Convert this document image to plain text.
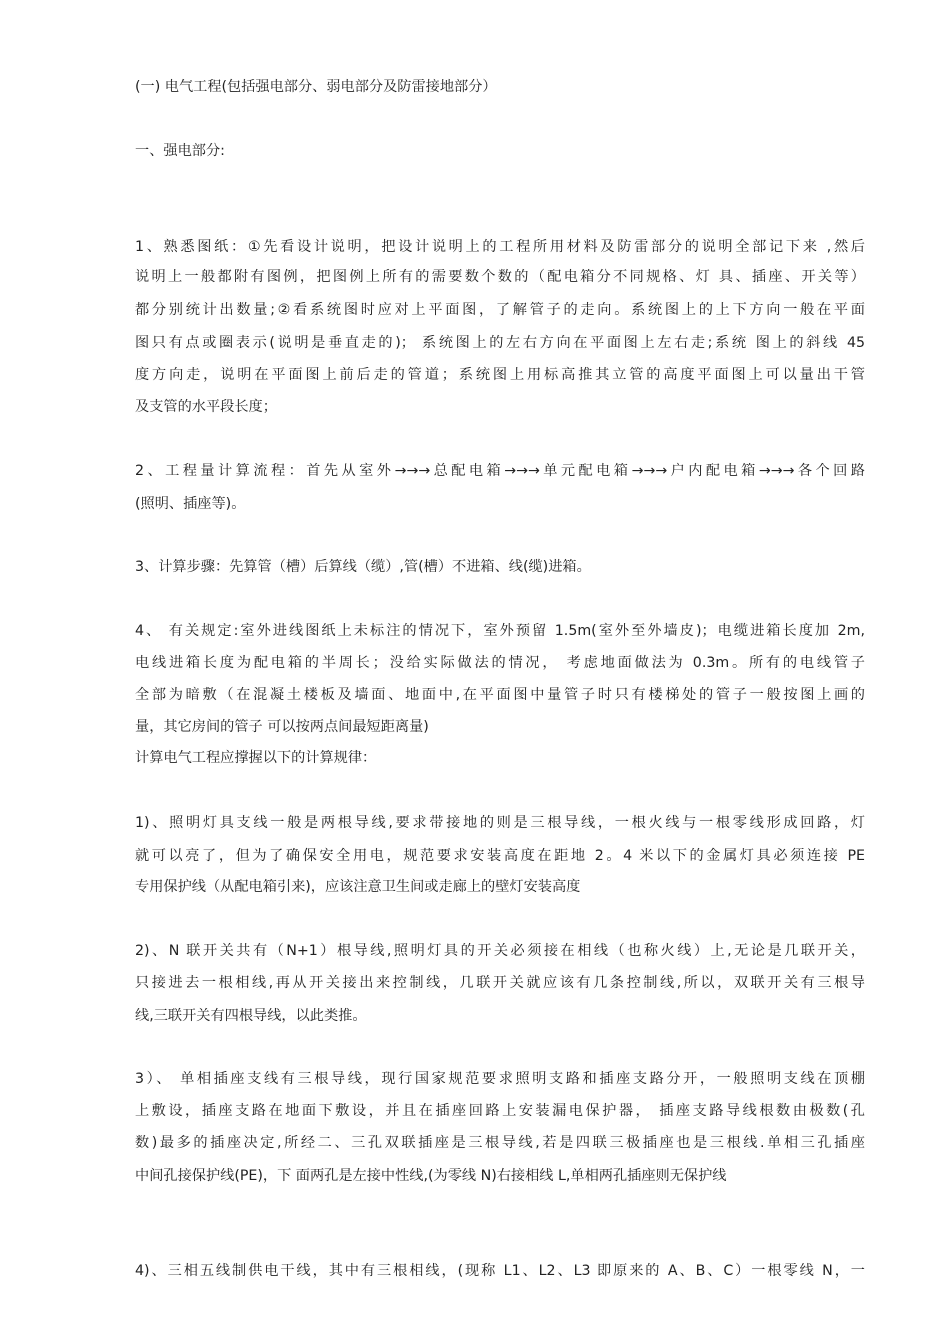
(一) 电气工程(包括强电部分、弱电部分及防雷接地部分）
一、强电部分:
1、熟悉图纸：①先看设计说明，把设计说明上的工程所用材料及防雷部分的说明全部记下来 ,然后
说明上一般都附有图例，把图例上所有的需要数个数的（配电箱分不同规格、灯 具、插座、开关等）
都分别统计出数量;②看系统图时应对上平面图，了解管子的走向。系统图上的上下方向一般在平面
图只有点或圈表示(说明是垂直走的)； 系统图上的左右方向在平面图上左右走;系统 图上的斜线 45
度方向走，说明在平面图上前后走的管道；系统图上用标高推其立管的高度平面图上可以量出干管
及支管的水平段长度；
2、工程量计算流程：首先从室外→→→总配电箱→→→单元配电箱→→→户内配电箱→→→各个回路
(照明、插座等)。
3、计算步骤：先算管（槽）后算线（缆）,管(槽）不进箱、线(缆)进箱。
4、 有关规定:室外进线图纸上未标注的情况下，室外预留 1.5m(室外至外墙皮)；电缆进箱长度加 2m,
电线进箱长度为配电箱的半周长；没给实际做法的情况， 考虑地面做法为 0.3m。所有的电线管子
全部为暗敷（在混凝土楼板及墙面、地面中,在平面图中量管子时只有楼梯处的管子一般按图上画的
量，其它房间的管子 可以按两点间最短距离量)
计算电气工程应撑握以下的计算规律：
1)、照明灯具支线一般是两根导线,要求带接地的则是三根导线，一根火线与一根零线形成回路，灯
就可以亮了，但为了确保安全用电，规范要求安装高度在距地 2。4 米以下的金属灯具必须连接 PE
专用保护线（从配电箱引来)，应该注意卫生间或走廊上的壁灯安装高度
2)、N 联开关共有（N+1）根导线,照明灯具的开关必须接在相线（也称火线）上,无论是几联开关，
只接进去一根相线,再从开关接出来控制线，几联开关就应该有几条控制线,所以，双联开关有三根导
线,三联开关有四根导线，以此类推。
3）、 单相插座支线有三根导线，现行国家规范要求照明支路和插座支路分开，一般照明支线在顶棚
上敷设，插座支路在地面下敷设，并且在插座回路上安装漏电保护器， 插座支路导线根数由极数(孔
数)最多的插座决定,所经二、三孔双联插座是三根导线,若是四联三极插座也是三根线.单相三孔插座
中间孔接保护线(PE)，下 面两孔是左接中性线,(为零线 N)右接相线 L,单相两孔插座则无保护线
4)、三相五线制供电干线，其中有三根相线，(现称 L1、L2、L3 即原来的 A、B、C）一根零线 N，一
